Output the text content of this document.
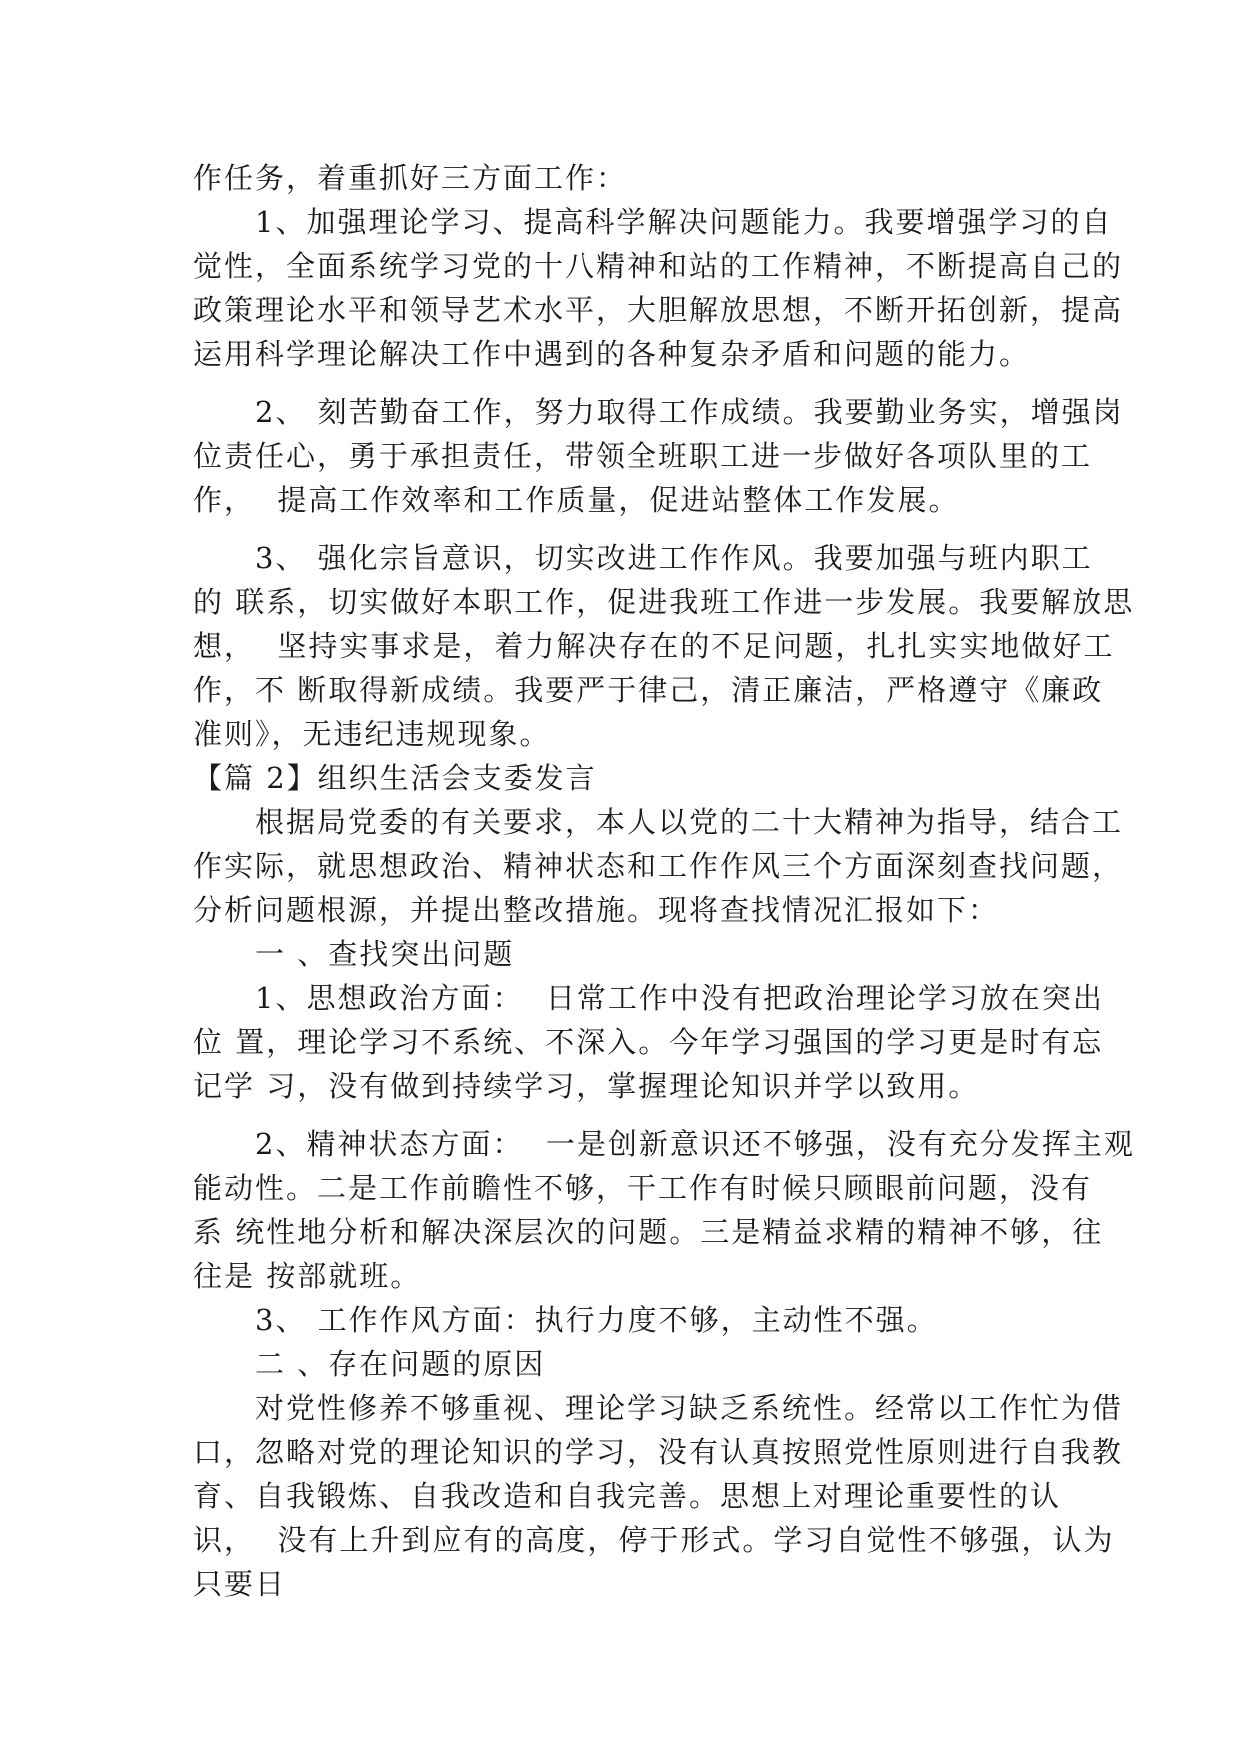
作任务，着重抓好三方面工作：
　　1、加强理论学习、提高科学解决问题能力。我要增强学习的自
觉性，全面系统学习党的十八精神和站的工作精神，不断提高自己的
政策理论水平和领导艺术水平，大胆解放思想，不断开拓创新，提高
运用科学理论解决工作中遇到的各种复杂矛盾和问题的能力。
　　2、 刻苦勤奋工作，努力取得工作成绩。我要勤业务实，增强岗
位责任心，勇于承担责任，带领全班职工进一步做好各项队里的工
作，  提高工作效率和工作质量，促进站整体工作发展。
　　3、 强化宗旨意识，切实改进工作作风。我要加强与班内职工
的 联系，切实做好本职工作，促进我班工作进一步发展。我要解放思
想，  坚持实事求是，着力解决存在的不足问题，扎扎实实地做好工
作，不 断取得新成绩。我要严于律己，清正廉洁，严格遵守《廉政
准则》，无违纪违规现象。
【篇 2】组织生活会支委发言
　　根据局党委的有关要求，本人以党的二十大精神为指导，结合工
作实际，就思想政治、精神状态和工作作风三个方面深刻查找问题，
分析问题根源，并提出整改措施。现将查找情况汇报如下：
　　一 、查找突出问题
　　1、思想政治方面：  日常工作中没有把政治理论学习放在突出
位 置，理论学习不系统、不深入。今年学习强国的学习更是时有忘
记学 习，没有做到持续学习，掌握理论知识并学以致用。
　　2、精神状态方面：  一是创新意识还不够强，没有充分发挥主观
能动性。二是工作前瞻性不够，干工作有时候只顾眼前问题，没有
系 统性地分析和解决深层次的问题。三是精益求精的精神不够，往
往是 按部就班。
　　3、 工作作风方面：执行力度不够，主动性不强。
　　二 、存在问题的原因
　　对党性修养不够重视、理论学习缺乏系统性。经常以工作忙为借
口，忽略对党的理论知识的学习，没有认真按照党性原则进行自我教
育、自我锻炼、自我改造和自我完善。思想上对理论重要性的认
识，  没有上升到应有的高度，停于形式。学习自觉性不够强，认为
只要日
